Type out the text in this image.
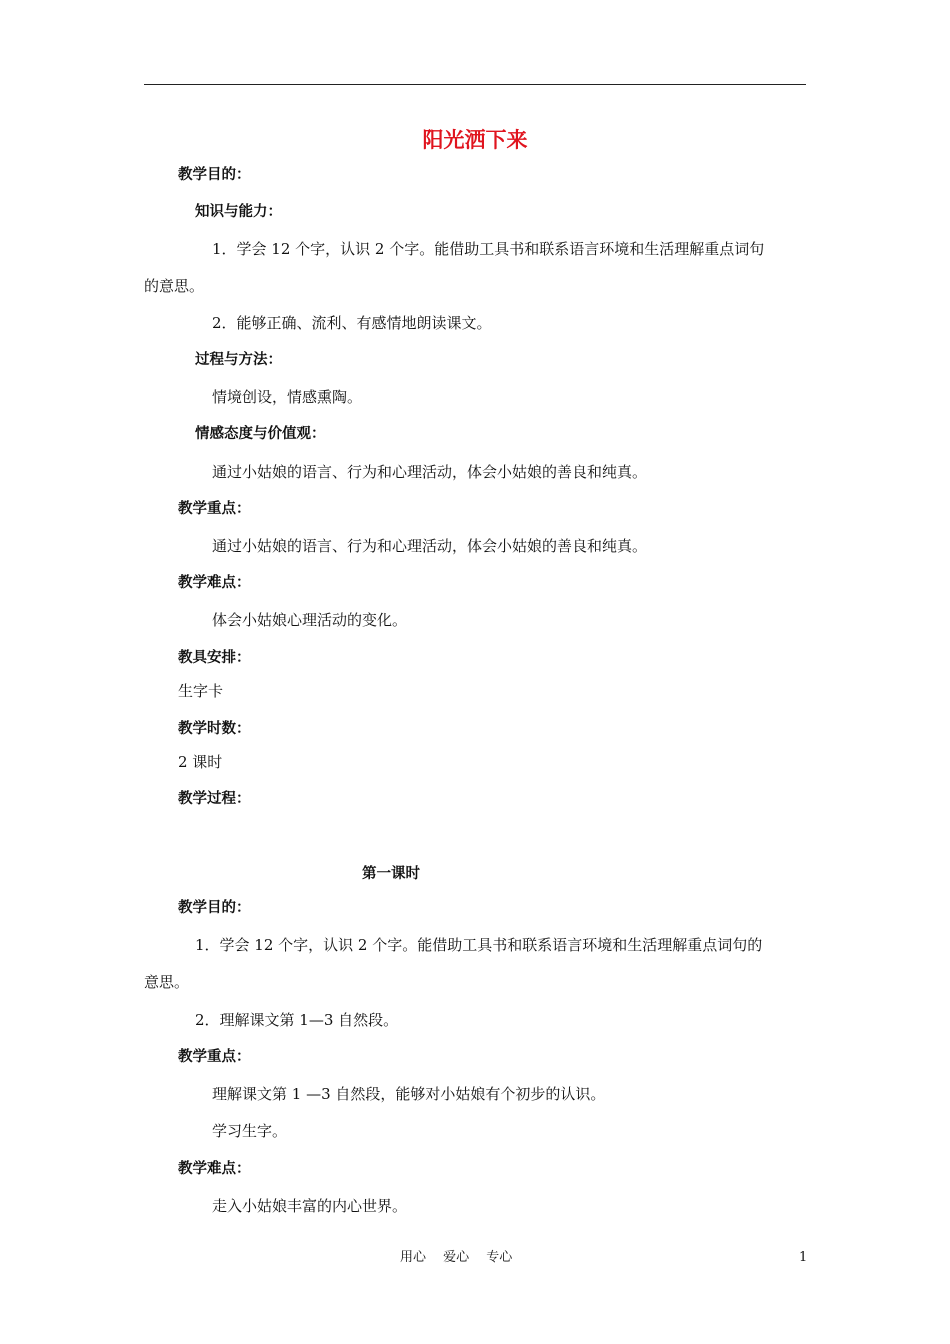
阳光洒下来
教学目的：
知识与能力：
1．学会 12 个字，认识 2 个字。能借助工具书和联系语言环境和生活理解重点词句
的意思。
2．能够正确、流利、有感情地朗读课文。
过程与方法：
情境创设，情感熏陶。
情感态度与价值观：
通过小姑娘的语言、行为和心理活动，体会小姑娘的善良和纯真。
教学重点：
通过小姑娘的语言、行为和心理活动，体会小姑娘的善良和纯真。
教学难点：
体会小姑娘心理活动的变化。
教具安排：
生字卡
教学时数：
2 课时
教学过程：
第一课时
教学目的：
1．学会 12 个字，认识 2 个字。能借助工具书和联系语言环境和生活理解重点词句的
意思。
2．理解课文第 1—3 自然段。
教学重点：
理解课文第 1 —3 自然段，能够对小姑娘有个初步的认识。
学习生字。
教学难点：
走入小姑娘丰富的内心世界。
用心　 爱心　 专心	1
